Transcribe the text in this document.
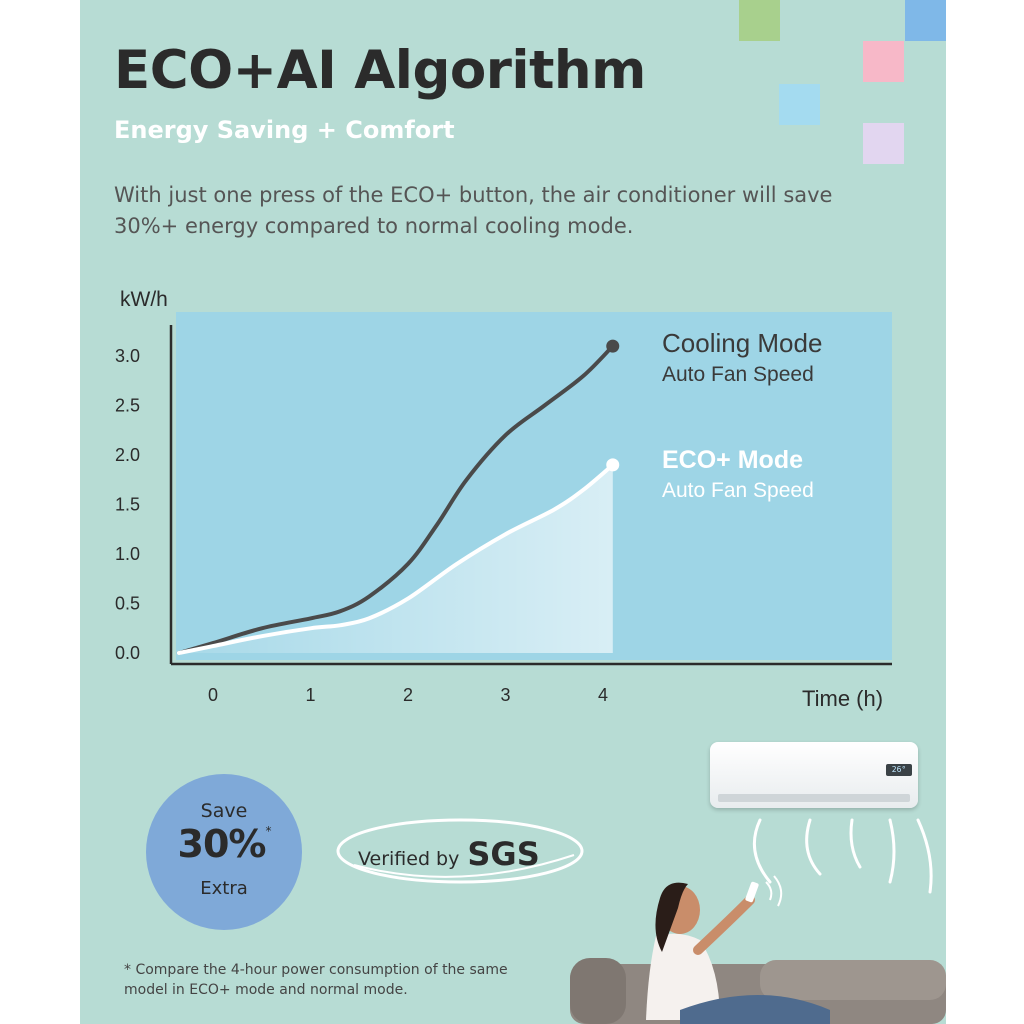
ECO+AI Algorithm
Energy Saving + Comfort
With just one press of the ECO+ button, the air conditioner will save 30%+ energy compared to normal cooling mode.
kW/h
Time (h)
0.0
0.5
1.0
1.5
2.0
2.5
3.0
0	1	2	3	4
Cooling Mode
Auto Fan Speed
ECO+ Mode
Auto Fan Speed
Save
30%*
Extra
Verified by SGS
* Compare the 4-hour power consumption of the same model in ECO+ mode and normal mode.
26°
